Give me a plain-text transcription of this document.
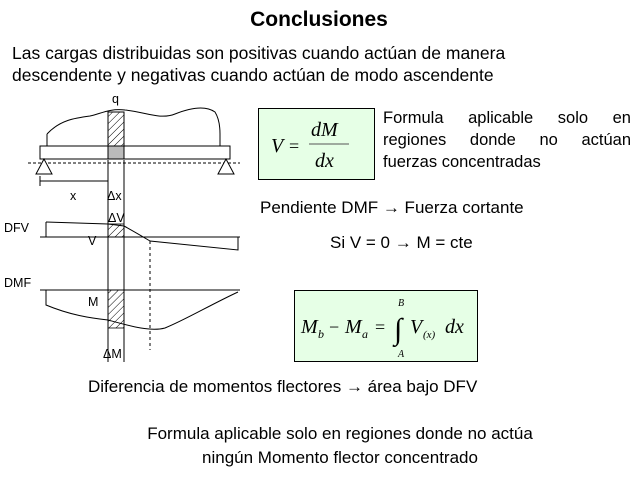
Conclusiones
Las cargas distribuidas son positivas cuando actúan de manera
descendente y negativas cuando actúan de modo ascendente
q
x Δx
DFV
ΔV
V
DMF
M
ΔM
V =
dM
dx
Formula aplicable solo en
regiones donde no actúan
fuerzas concentradas
Pendiente DMF → Fuerza cortante
Si V = 0 → M = cte
M b − M a =
B
∫
A
V (x) dx
Diferencia de momentos flectores → área bajo DFV
Formula aplicable solo en regiones donde no actúa
ningún Momento flector concentrado
